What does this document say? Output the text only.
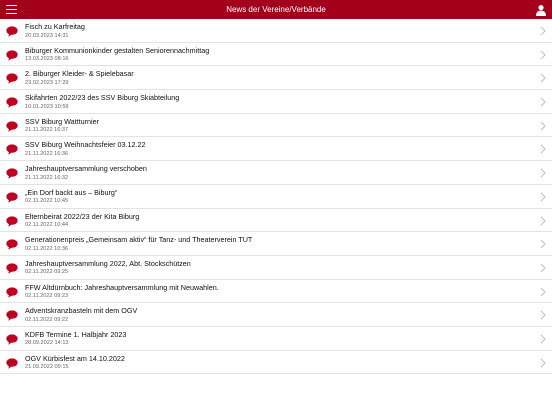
News der Vereine/Verbände
Fisch zu Karfreitag
20.03.2023 14:31
Biburger Kommunionkinder gestalten Seniorennachmittag
13.03.2023 08:16
2. Biburger Kleider- & Spielebasar
23.02.2023 17:29
Skifahrten 2022/23 des SSV Biburg Skiabteilung
10.01.2023 10:59
SSV Biburg Wattturnier
21.11.2022 16:37
SSV Biburg Weihnachtsfeier 03.12.22
21.11.2022 16:36
Jahreshauptversammlung verschoben
21.11.2022 16:32
„Ein Dorf backt aus – Biburg“
02.11.2022 10:45
Elternbeirat 2022/23 der Kita Biburg
02.11.2022 10:44
Generationenpreis „Gemeinsam aktiv“ für Tanz- und Theaterverein TUT
02.11.2022 10:36
Jahreshauptversammlung 2022, Abt. Stockschützen
02.11.2022 09:25
FFW Altdürnbuch: Jahreshauptversammlung mit Neuwahlen.
02.11.2022 09:23
Adventskranzbasteln mit dem OGV
02.11.2022 09:22
KDFB Termine 1. Halbjahr 2023
28.09.2022 14:13
OGV Kürbisfest am 14.10.2022
21.09.2022 09:15
